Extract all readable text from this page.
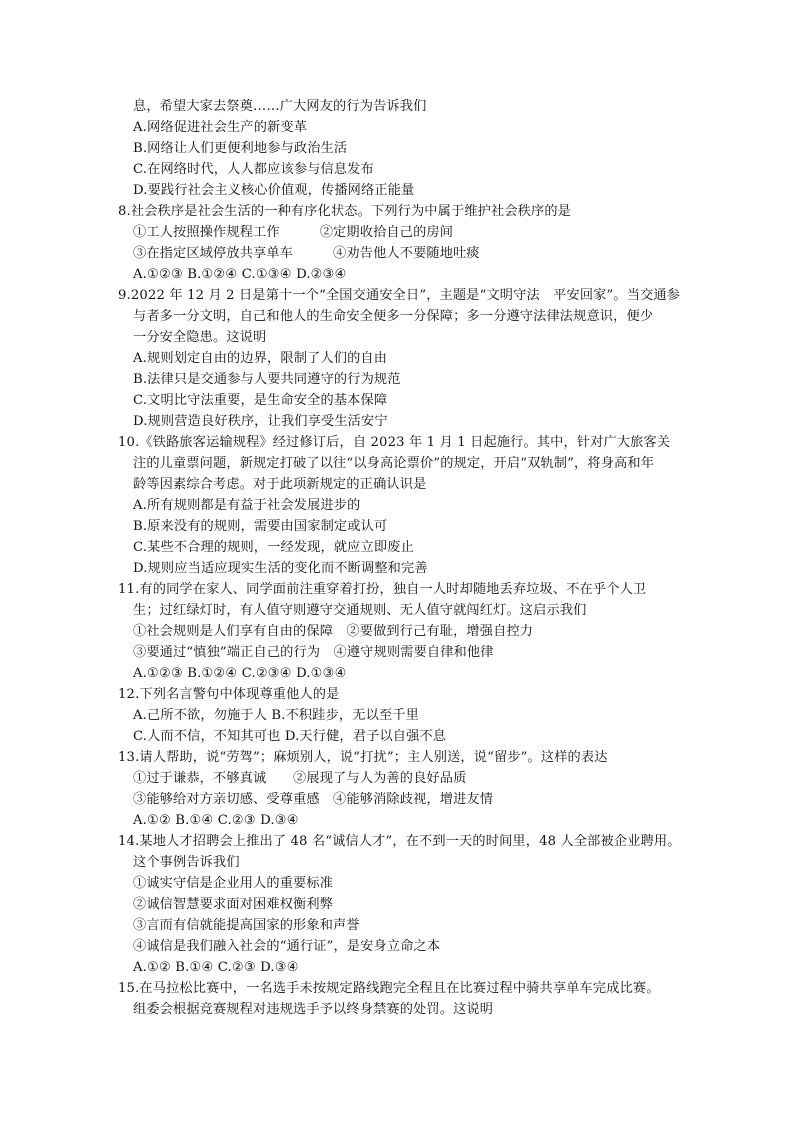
息，希望大家去祭奠……广大网友的行为告诉我们
A.网络促进社会生产的新变革
B.网络让人们更便利地参与政治生活
C.在网络时代，人人都应该参与信息发布
D.要践行社会主义核心价值观，传播网络正能量
8.社会秩序是社会生活的一种有序化状态。下列行为中属于维护社会秩序的是
①工人按照操作规程工作　　　②定期收拾自己的房间
③在指定区域停放共享单车　　　④劝告他人不要随地吐痰
A.①②③ B.①②④ C.①③④ D.②③④
9.2022 年 12 月 2 日是第十一个“全国交通安全日”，主题是“文明守法　平安回家”。当交通参
与者多一分文明，自己和他人的生命安全便多一分保障；多一分遵守法律法规意识，便少
一分安全隐患。这说明
A.规则划定自由的边界，限制了人们的自由
B.法律只是交通参与人要共同遵守的行为规范
C.文明比守法重要，是生命安全的基本保障
D.规则营造良好秩序，让我们享受生活安宁
10.《铁路旅客运输规程》经过修订后，自 2023 年 1 月 1 日起施行。其中，针对广大旅客关
注的儿童票问题，新规定打破了以往“以身高论票价”的规定，开启“双轨制”，将身高和年
龄等因素综合考虑。对于此项新规定的正确认识是
A.所有规则都是有益于社会发展进步的
B.原来没有的规则，需要由国家制定或认可
C.某些不合理的规则，一经发现，就应立即废止
D.规则应当适应现实生活的变化而不断调整和完善
11.有的同学在家人、同学面前注重穿着打扮，独自一人时却随地丢弃垃圾、不在乎个人卫
生；过红绿灯时，有人值守则遵守交通规则、无人值守就闯红灯。这启示我们
①社会规则是人们享有自由的保障　②要做到行己有耻，增强自控力
③要通过“慎独”端正自己的行为　④遵守规则需要自律和他律
A.①②③ B.①②④ C.②③④ D.①③④
12.下列名言警句中体现尊重他人的是
A.己所不欲，勿施于人 B.不积跬步，无以至千里
C.人而不信，不知其可也 D.天行健，君子以自强不息
13.请人帮助，说“劳驾”；麻烦别人，说“打扰”；主人别送，说“留步”。这样的表达
①过于谦恭，不够真诚　　②展现了与人为善的良好品质
③能够给对方亲切感、受尊重感　④能够消除歧视，增进友情
A.①② B.①④ C.②③ D.③④
14.某地人才招聘会上推出了 48 名“诚信人才”，在不到一天的时间里，48 人全部被企业聘用。
这个事例告诉我们
①诚实守信是企业用人的重要标准
②诚信智慧要求面对困难权衡利弊
③言而有信就能提高国家的形象和声誉
④诚信是我们融入社会的“通行证”，是安身立命之本
A.①② B.①④ C.②③ D.③④
15.在马拉松比赛中，一名选手未按规定路线跑完全程且在比赛过程中骑共享单车完成比赛。
组委会根据竞赛规程对违规选手予以终身禁赛的处罚。这说明
